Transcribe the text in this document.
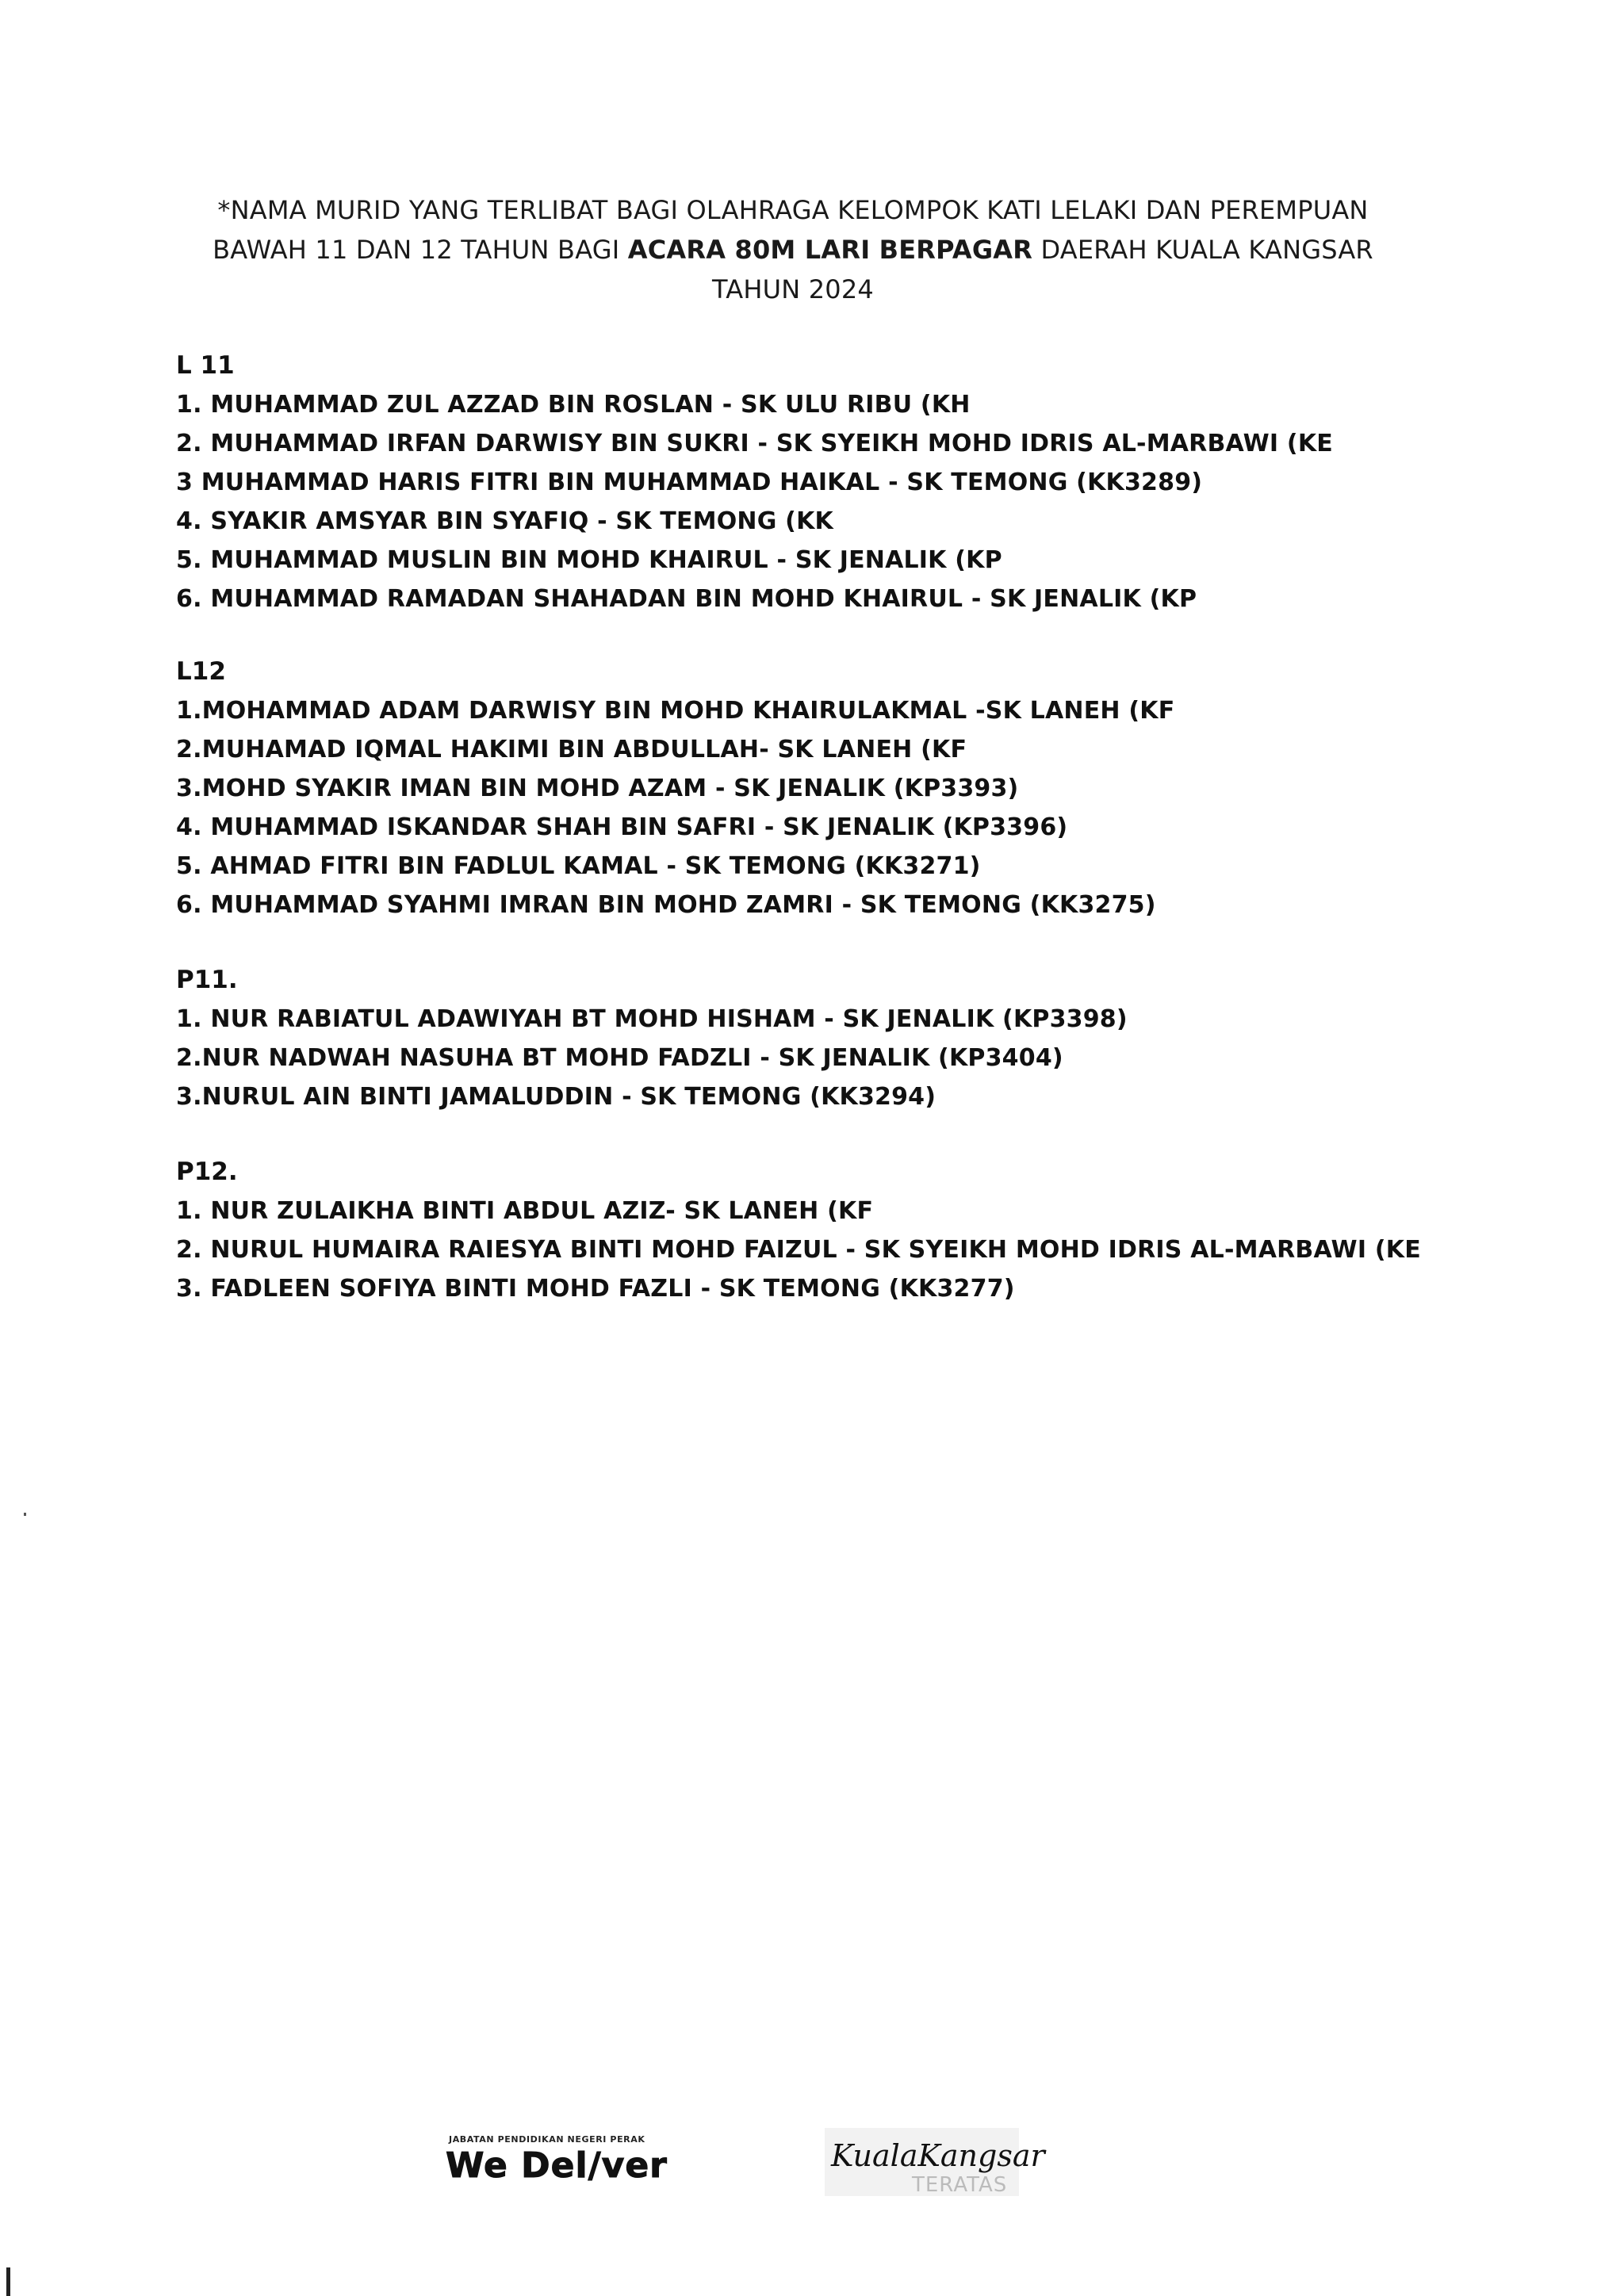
*NAMA MURID YANG TERLIBAT BAGI OLAHRAGA KELOMPOK KATI LELAKI DAN PEREMPUAN
BAWAH 11 DAN 12 TAHUN BAGI ACARA 80M LARI BERPAGAR DAERAH KUALA KANGSAR
TAHUN 2024

L 11

1. MUHAMMAD ZUL AZZAD BIN ROSLAN - SK ULU RIBU (KH

2. MUHAMMAD IRFAN DARWISY BIN SUKRI - SK SYEIKH MOHD IDRIS AL-MARBAWI (KE

3 MUHAMMAD HARIS FITRI BIN MUHAMMAD HAIKAL - SK TEMONG (KK3289)

4. SYAKIR AMSYAR BIN SYAFIQ - SK TEMONG (KK

5. MUHAMMAD MUSLIN BIN MOHD KHAIRUL - SK JENALIK (KP

6. MUHAMMAD RAMADAN SHAHADAN BIN MOHD KHAIRUL - SK JENALIK (KP

L12

1.MOHAMMAD ADAM DARWISY BIN MOHD KHAIRULAKMAL -SK LANEH (KF

2.MUHAMAD IQMAL HAKIMI BIN ABDULLAH- SK LANEH (KF

3.MOHD SYAKIR IMAN BIN MOHD AZAM - SK JENALIK (KP3393)

4. MUHAMMAD ISKANDAR SHAH BIN SAFRI - SK JENALIK (KP3396)

5. AHMAD FITRI BIN FADLUL KAMAL - SK TEMONG (KK3271)

6. MUHAMMAD SYAHMI IMRAN BIN MOHD ZAMRI - SK TEMONG (KK3275)

P11.

1. NUR RABIATUL ADAWIYAH BT MOHD HISHAM - SK JENALIK (KP3398)

2.NUR NADWAH NASUHA BT MOHD FADZLI - SK JENALIK (KP3404)

3.NURUL AIN BINTI JAMALUDDIN - SK TEMONG (KK3294)

P12.

1. NUR ZULAIKHA BINTI ABDUL AZIZ- SK LANEH (KF

2. NURUL HUMAIRA RAIESYA BINTI MOHD FAIZUL - SK SYEIKH MOHD IDRIS AL-MARBAWI (KE

3. FADLEEN SOFIYA BINTI MOHD FAZLI - SK TEMONG (KK3277)

JABATAN PENDIDIKAN NEGERI PERAK
We Del/ver	KualaKangsar
TERATAS
